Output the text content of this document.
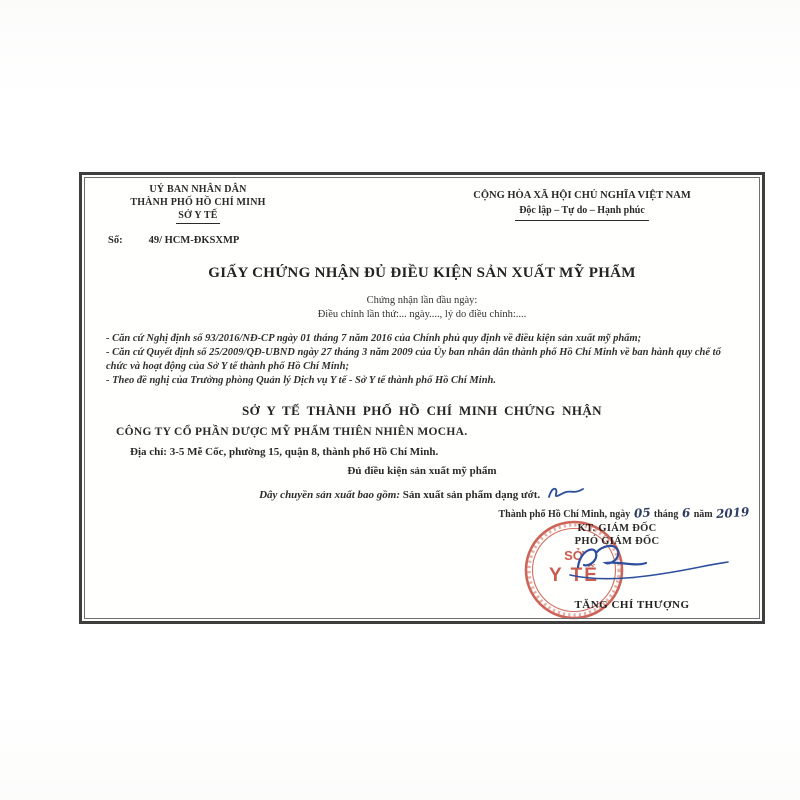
UỶ BAN NHÂN DÂN
THÀNH PHỐ HỒ CHÍ MINH
SỞ Y TẾ
Số: 49/ HCM-ĐKSXMP
CỘNG HÒA XÃ HỘI CHỦ NGHĨA VIỆT NAM
Độc lập – Tự do – Hạnh phúc
GIẤY CHỨNG NHẬN ĐỦ ĐIỀU KIỆN SẢN XUẤT MỸ PHẨM
Chứng nhận lần đầu ngày:
Điều chỉnh lần thứ:... ngày...., lý do điều chỉnh:....

- Căn cứ Nghị định số 93/2016/NĐ-CP ngày 01 tháng 7 năm 2016 của Chính phủ quy định về điều kiện sản xuất mỹ phẩm;

- Căn cứ Quyết định số 25/2009/QĐ-UBND ngày 27 tháng 3 năm 2009 của Ủy ban nhân dân thành phố Hồ Chí Minh về ban hành quy chế tổ chức và hoạt động của Sở Y tế thành phố Hồ Chí Minh;

- Theo đề nghị của Trưởng phòng Quản lý Dịch vụ Y tế - Sở Y tế thành phố Hồ Chí Minh.

SỞ Y TẾ THÀNH PHỐ HỒ CHÍ MINH CHỨNG NHẬN
CÔNG TY CỔ PHẦN DƯỢC MỸ PHẨM THIÊN NHIÊN MOCHA.
Địa chỉ: 3-5 Mễ Cốc, phường 15, quận 8, thành phố Hồ Chí Minh.
Đủ điều kiện sản xuất mỹ phẩm
Dây chuyền sản xuất bao gồm: Sản xuất sản phẩm dạng ướt.
Thành phố Hồ Chí Minh, ngày 05 tháng 6 năm 2019
KT. GIÁM ĐỐC
PHÓ GIÁM ĐỐC
SỞ
Y TẾ
TĂNG CHÍ THƯỢNG
